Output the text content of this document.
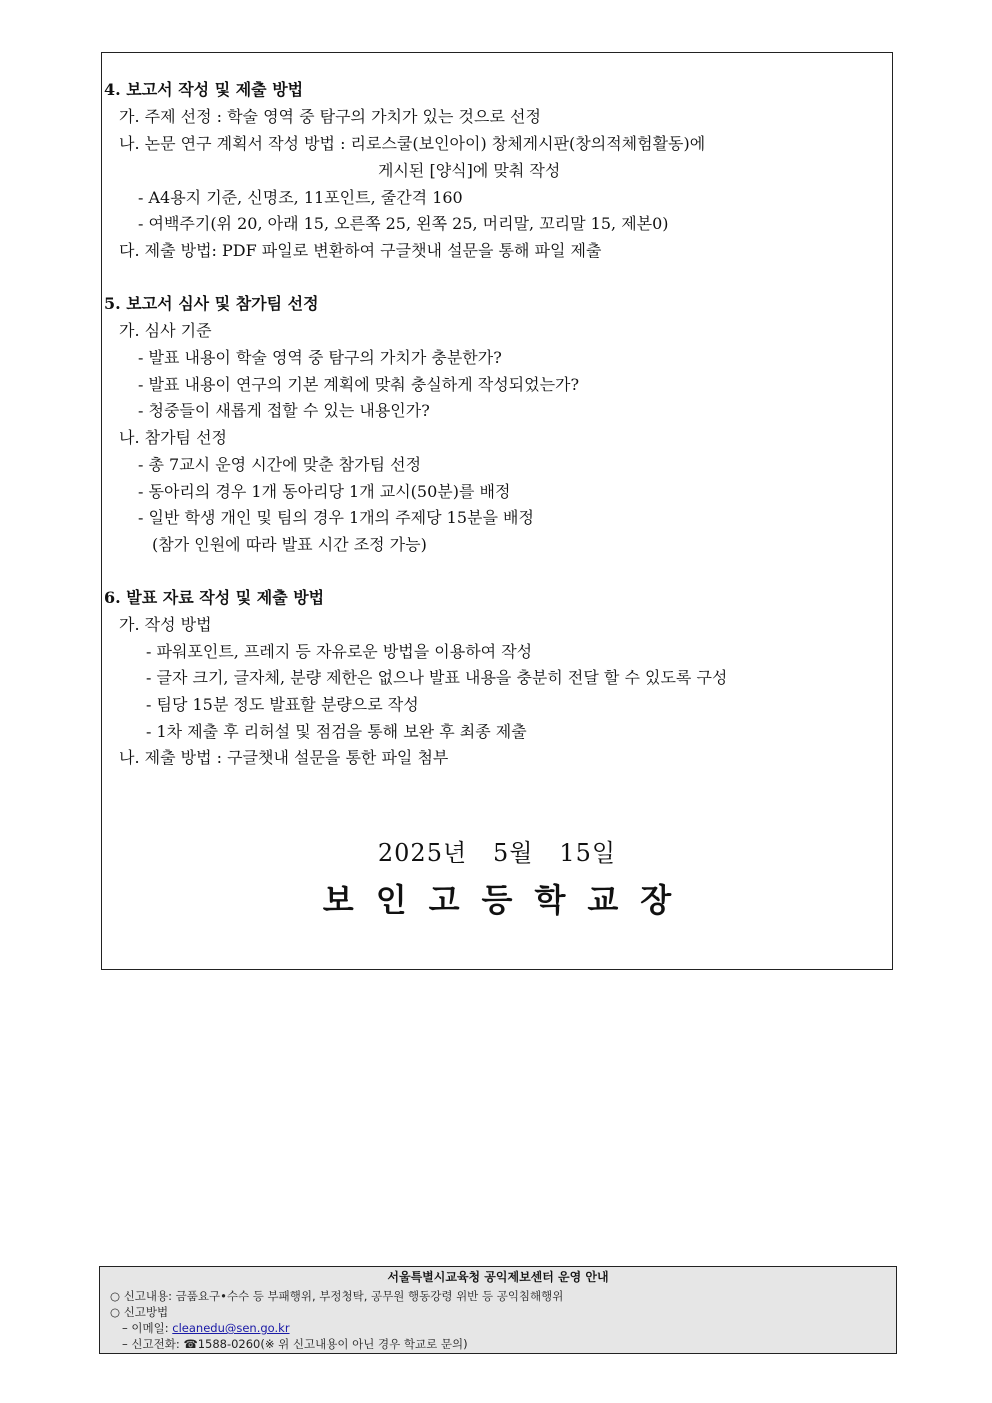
4. 보고서 작성 및 제출 방법
가. 주제 선정 : 학술 영역 중 탐구의 가치가 있는 것으로 선정
나. 논문 연구 계획서 작성 방법 : 리로스쿨(보인아이) 창체게시판(창의적체험활동)에
게시된 [양식]에 맞춰 작성
- A4용지 기준, 신명조, 11포인트, 줄간격 160
- 여백주기(위 20, 아래 15, 오른쪽 25, 왼쪽 25, 머리말, 꼬리말 15, 제본0)
다. 제출 방법: PDF 파일로 변환하여 구글챗내 설문을 통해 파일 제출
5. 보고서 심사 및 참가팀 선정
가. 심사 기준
- 발표 내용이 학술 영역 중 탐구의 가치가 충분한가?
- 발표 내용이 연구의 기본 계획에 맞춰 충실하게 작성되었는가?
- 청중들이 새롭게 접할 수 있는 내용인가?
나. 참가팀 선정
- 총 7교시 운영 시간에 맞춘 참가팀 선정
- 동아리의 경우 1개 동아리당 1개 교시(50분)를 배정
- 일반 학생 개인 및 팀의 경우 1개의 주제당 15분을 배정
(참가 인원에 따라 발표 시간 조정 가능)
6. 발표 자료 작성 및 제출 방법
가. 작성 방법
- 파워포인트, 프레지 등 자유로운 방법을 이용하여 작성
- 글자 크기, 글자체, 분량 제한은 없으나 발표 내용을 충분히 전달 할 수 있도록 구성
- 팀당 15분 정도 발표할 분량으로 작성
- 1차 제출 후 리허설 및 점검을 통해 보완 후 최종 제출
나. 제출 방법 : 구글챗내 설문을 통한 파일 첨부
2025년   5월   15일
보인고등학교장
서울특별시교육청 공익제보센터 운영 안내
○ 신고내용: 금품요구•수수 등 부패행위, 부정청탁, 공무원 행동강령 위반 등 공익침해행위
○ 신고방법
– 이메일: cleanedu@sen.go.kr
– 신고전화: ☎1588-0260(※ 위 신고내용이 아닌 경우 학교로 문의)
